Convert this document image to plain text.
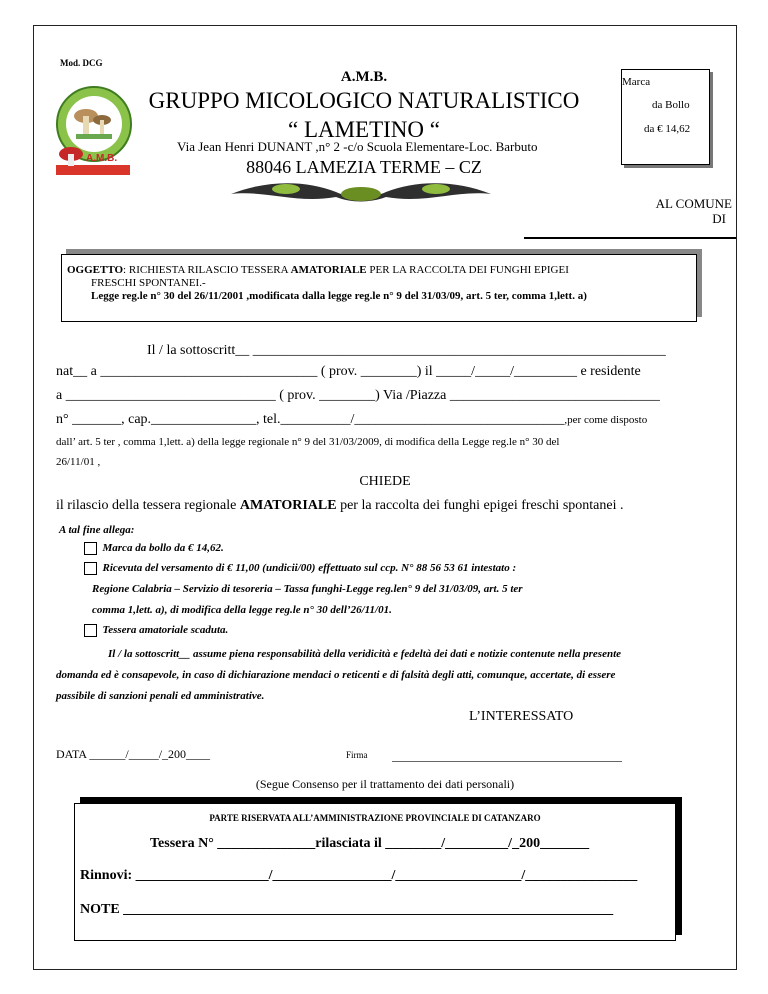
Mod. DCG
A.M.B.
A.M.B.
GRUPPO MICOLOGICO NATURALISTICO
“ LAMETINO “
Via Jean Henri DUNANT ,n° 2 -c/o Scuola Elementare-Loc. Barbuto
88046 LAMEZIA TERME – CZ
Marca
da Bollo
da € 14,62
AL COMUNE
DI
OGGETTO: RICHIESTA RILASCIO TESSERA AMATORIALE PER LA RACCOLTA DEI FUNGHI EPIGEI
FRESCHI SPONTANEI.-
Legge reg.le n° 30 del 26/11/2001 ,modificata dalla legge reg.le n° 9 del 31/03/09, art. 5 ter, comma 1,lett. a)
Il / la sottoscritt__ ___________________________________________________________
nat__ a _______________________________ ( prov. ________) il _____/_____/_________ e residente
a ______________________________ ( prov. ________) Via /Piazza ______________________________
n° _______, cap._______________, tel.__________/______________________________,per come disposto
dall’ art. 5 ter , comma 1,lett. a) della legge regionale n° 9 del 31/03/2009, di modifica della Legge reg.le n° 30 del
26/11/01 ,
CHIEDE
il rilascio della tessera regionale AMATORIALE per la raccolta dei funghi epigei freschi spontanei .
A tal fine allega:
Marca da bollo da € 14,62.
Ricevuta del versamento di € 11,00 (undicii/00) effettuato sul ccp. N° 88 56 53 61 intestato :
Regione Calabria – Servizio di tesoreria – Tassa funghi-Legge reg.len° 9 del 31/03/09, art. 5 ter
comma 1,lett. a), di modifica della legge reg.le n° 30 dell’26/11/01.
Tessera amatoriale scaduta.
Il / la sottoscritt__ assume piena responsabilità della veridicità e fedeltà dei dati e notizie contenute nella presente
domanda ed è consapevole, in caso di dichiarazione mendaci o reticenti e di falsità degli atti, comunque, accertate, di essere
passibile di sanzioni penali ed amministrative.
L’INTERESSATO
DATA ______/_____/_200____	Firma
(Segue Consenso per il trattamento dei dati personali)
PARTE RISERVATA ALL’AMMINISTRAZIONE PROVINCIALE DI CATANZARO
Tessera N° ______________rilasciata il ________/_________/_200_______
Rinnovi: ___________________/_________________/__________________/________________
NOTE ______________________________________________________________________
